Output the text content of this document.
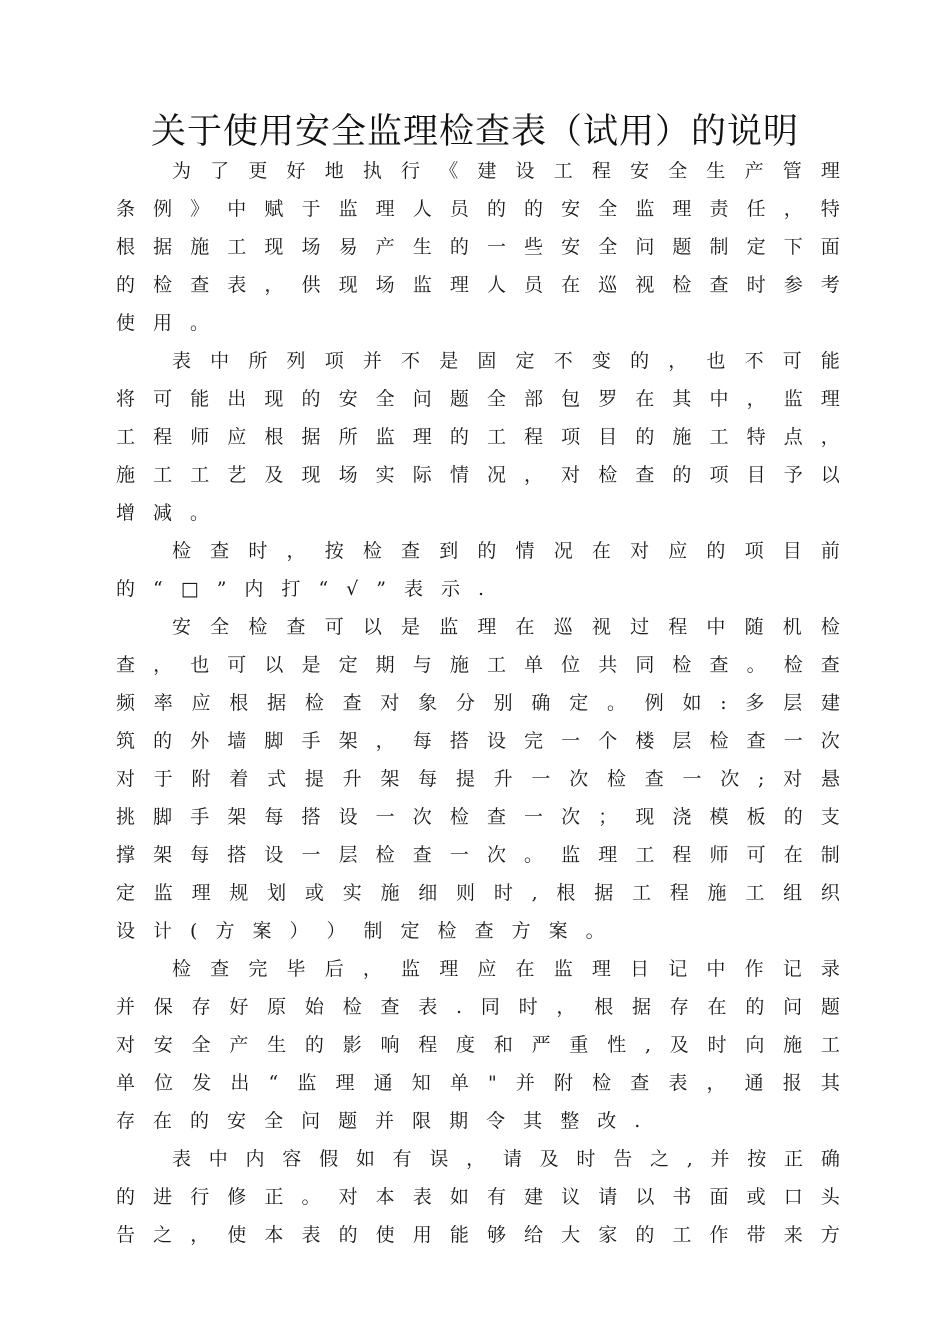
关于使用安全监理检查表（试用）的说明
为 了 更 好 地 执 行 《 建 设 工 程 安 全 生 产 管 理
条 例 》 中 赋 于 监 理 人 员 的 的 安 全 监 理 责 任 ， 特
根 据 施 工 现 场 易 产 生 的 一 些 安 全 问 题 制 定 下 面
的 检 查 表 ， 供 现 场 监 理 人 员 在 巡 视 检 查 时 参 考
使 用 。
表 中 所 列 项 并 不 是 固 定 不 变 的 ， 也 不 可 能
将 可 能 出 现 的 安 全 问 题 全 部 包 罗 在 其 中 ， 监 理
工 程 师 应 根 据 所 监 理 的 工 程 项 目 的 施 工 特 点 ，
施 工 工 艺 及 现 场 实 际 情 况 ， 对 检 查 的 项 目 予 以
增 减 。
检 查 时 ， 按 检 查 到 的 情 况 在 对 应 的 项 目 前
的 “ □ ” 内 打 “ √ ” 表 示 .
安 全 检 查 可 以 是 监 理 在 巡 视 过 程 中 随 机 检
查 ， 也 可 以 是 定 期 与 施 工 单 位 共 同 检 查 。 检 查
频 率 应 根 据 检 查 对 象 分 别 确 定 。 例 如 : 多 层 建
筑 的 外 墙 脚 手 架 ， 每 搭 设 完 一 个 楼 层 检 查 一 次
对 于 附 着 式 提 升 架 每 提 升 一 次 检 查 一 次 ; 对 悬
挑 脚 手 架 每 搭 设 一 次 检 查 一 次 ； 现 浇 模 板 的 支
撑 架 每 搭 设 一 层 检 查 一 次 。 监 理 工 程 师 可 在 制
定 监 理 规 划 或 实 施 细 则 时 , 根 据 工 程 施 工 组 织
设 计 ( 方 案 ） ） 制 定 检 查 方 案 。
检 查 完 毕 后 ， 监 理 应 在 监 理 日 记 中 作 记 录
并 保 存 好 原 始 检 查 表 . 同 时 ， 根 据 存 在 的 问 题
对 安 全 产 生 的 影 响 程 度 和 严 重 性 , 及 时 向 施 工
单 位 发 出 “ 监 理 通 知 单 " 并 附 检 查 表 ， 通 报 其
存 在 的 安 全 问 题 并 限 期 令 其 整 改 .
表 中 内 容 假 如 有 误 ， 请 及 时 告 之 , 并 按 正 确
的 进 行 修 正 。 对 本 表 如 有 建 议 请 以 书 面 或 口 头
告 之 ， 使 本 表 的 使 用 能 够 给 大 家 的 工 作 带 来 方
